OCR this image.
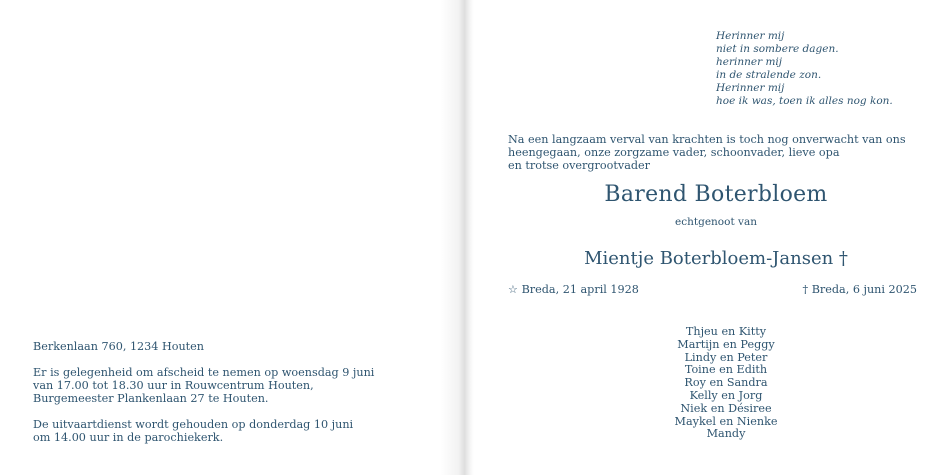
Herinner mij
niet in sombere dagen.
herinner mij
in de stralende zon.
Herinner mij
hoe ik was, toen ik alles nog kon.
Na een langzaam verval van krachten is toch nog onverwacht van ons
heengegaan, onze zorgzame vader, schoonvader, lieve opa
en trotse overgrootvader
Barend Boterbloem
echtgenoot van
Mientje Boterbloem-Jansen †
☆ Breda, 21 april 1928	† Breda, 6 juni 2025
Thjeu en Kitty
Martijn en Peggy
Lindy en Peter
Toine en Edith
Roy en Sandra
Kelly en Jorg
Niek en Désiree
Maykel en Nienke
Mandy
Berkenlaan 760, 1234 Houten
Er is gelegenheid om afscheid te nemen op woensdag 9 juni
van 17.00 tot 18.30 uur in Rouwcentrum Houten,
Burgemeester Plankenlaan 27 te Houten.
De uitvaartdienst wordt gehouden op donderdag 10 juni
om 14.00 uur in de parochiekerk.
